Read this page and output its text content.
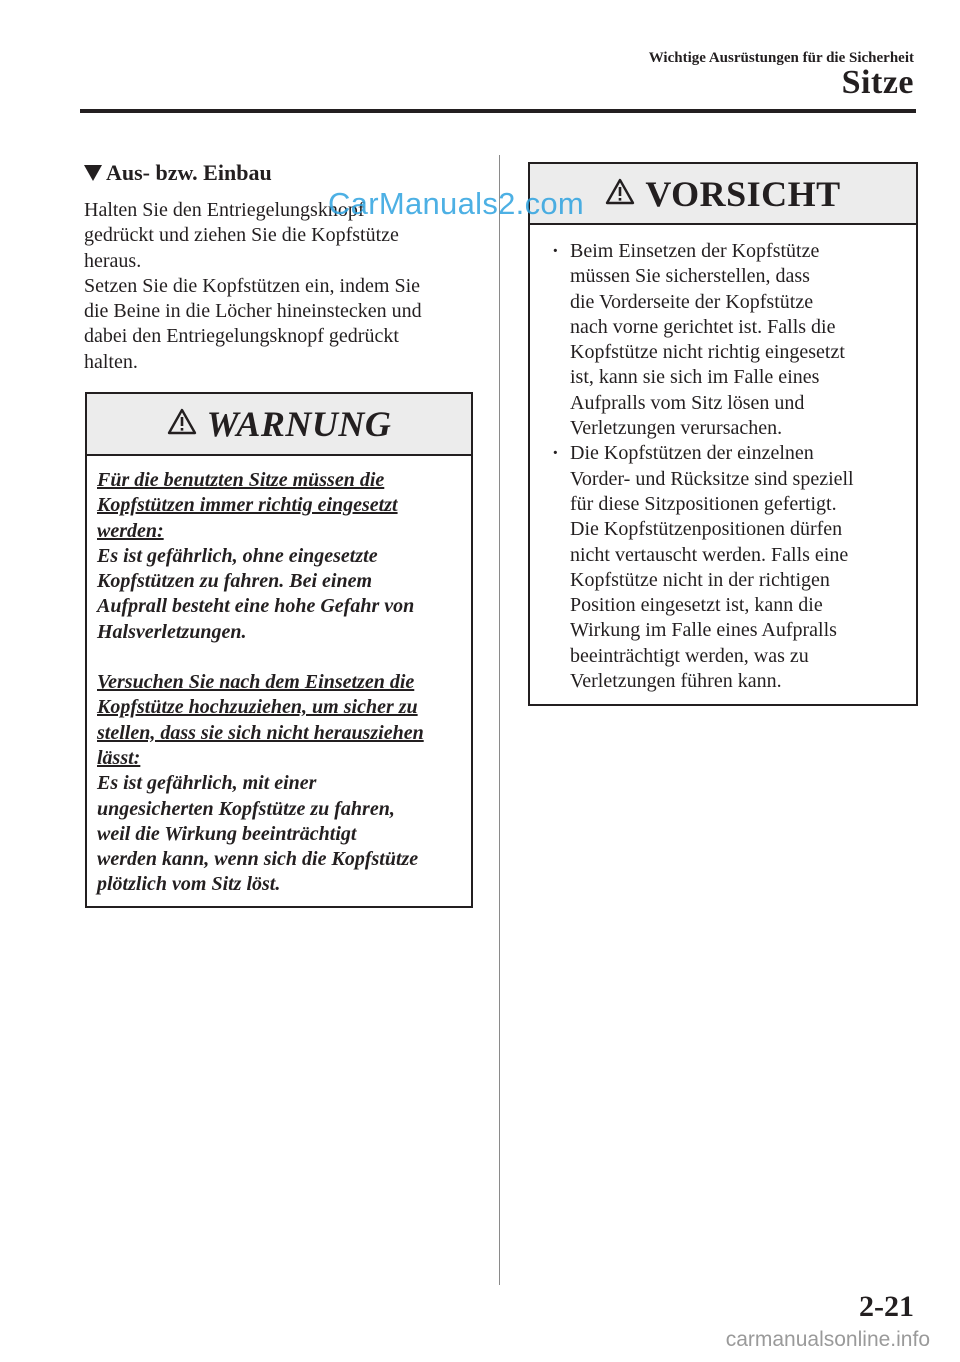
Wichtige Ausrüstungen für die Sicherheit
Sitze
Aus- bzw. Einbau

Halten Sie den Entriegelungsknopf

gedrückt und ziehen Sie die Kopfstütze

heraus.

Setzen Sie die Kopfstützen ein, indem Sie

die Beine in die Löcher hineinstecken und

dabei den Entriegelungsknopf gedrückt

halten.

WARNUNG

Für die benutzten Sitze müssen die

Kopfstützen immer richtig eingesetzt

werden:

Es ist gefährlich, ohne eingesetzte

Kopfstützen zu fahren. Bei einem

Aufprall besteht eine hohe Gefahr von

Halsverletzungen.

Versuchen Sie nach dem Einsetzen die

Kopfstütze hochzuziehen, um sicher zu

stellen, dass sie sich nicht herausziehen

lässt:

Es ist gefährlich, mit einer

ungesicherten Kopfstütze zu fahren,

weil die Wirkung beeinträchtigt

werden kann, wenn sich die Kopfstütze

plötzlich vom Sitz löst.

VORSICHT
· Beim Einsetzen der Kopfstütze
müssen Sie sicherstellen, dass
die Vorderseite der Kopfstütze
nach vorne gerichtet ist. Falls die
Kopfstütze nicht richtig eingesetzt
ist, kann sie sich im Falle eines
Aufpralls vom Sitz lösen und
Verletzungen verursachen.
· Die Kopfstützen der einzelnen
Vorder- und Rücksitze sind speziell
für diese Sitzpositionen gefertigt.
Die Kopfstützenpositionen dürfen
nicht vertauscht werden. Falls eine
Kopfstütze nicht in der richtigen
Position eingesetzt ist, kann die
Wirkung im Falle eines Aufpralls
beeinträchtigt werden, was zu
Verletzungen führen kann.
CarManuals2.com
2-21
carmanualsonline.info
